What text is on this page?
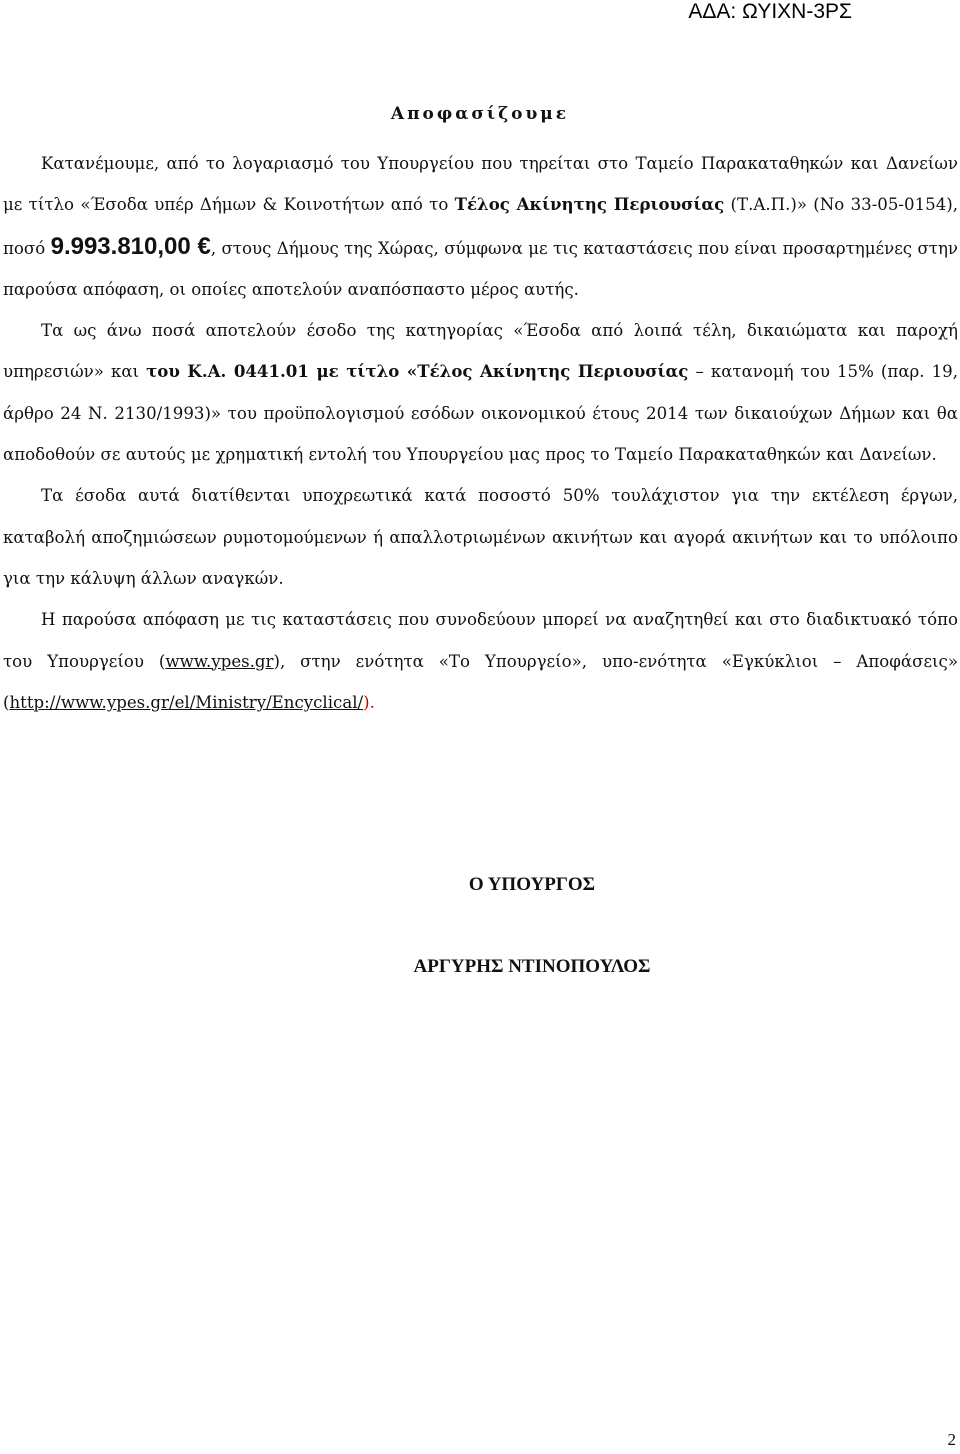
ΑΔΑ: ΩΥΙΧΝ-3ΡΣ
Αποφασίζουμε

Κατανέμουμε, από το λογαριασμό του Υπουργείου που τηρείται στο Ταμείο Παρακαταθηκών και Δανείων με τίτλο «Έσοδα υπέρ Δήμων & Κοινοτήτων από το Τέλος Ακίνητης Περιουσίας (Τ.Α.Π.)» (Νο 33-05-0154), ποσό 9.993.810,00 €, στους Δήμους της Χώρας, σύμφωνα με τις καταστάσεις που είναι προσαρτημένες στην παρούσα απόφαση, οι οποίες αποτελούν αναπόσπαστο μέρος αυτής.

Τα ως άνω ποσά αποτελούν έσοδο της κατηγορίας «Έσοδα από λοιπά τέλη, δικαιώματα και παροχή υπηρεσιών» και του Κ.Α. 0441.01 με τίτλο «Τέλος Ακίνητης Περιουσίας – κατανομή του 15% (παρ. 19, άρθρο 24 Ν. 2130/1993)» του προϋπολογισμού εσόδων οικονομικού έτους 2014 των δικαιούχων Δήμων και θα αποδοθούν σε αυτούς με χρηματική εντολή του Υπουργείου μας προς το Ταμείο Παρακαταθηκών και Δανείων.

Τα έσοδα αυτά διατίθενται υποχρεωτικά κατά ποσοστό 50% τουλάχιστον για την εκτέλεση έργων, καταβολή αποζημιώσεων ρυμοτομούμενων ή απαλλοτριωμένων ακινήτων και αγορά ακινήτων και το υπόλοιπο για την κάλυψη άλλων αναγκών.

Η παρούσα απόφαση με τις καταστάσεις που συνοδεύουν μπορεί να αναζητηθεί και στο διαδικτυακό τόπο του Υπουργείου (www.ypes.gr), στην ενότητα «Το Υπουργείο», υπο-ενότητα «Εγκύκλιοι – Αποφάσεις» (http://www.ypes.gr/el/Ministry/Encyclical/).

Ο ΥΠΟΥΡΓΟΣ
ΑΡΓΥΡΗΣ ΝΤΙΝΟΠΟΥΛΟΣ
2
